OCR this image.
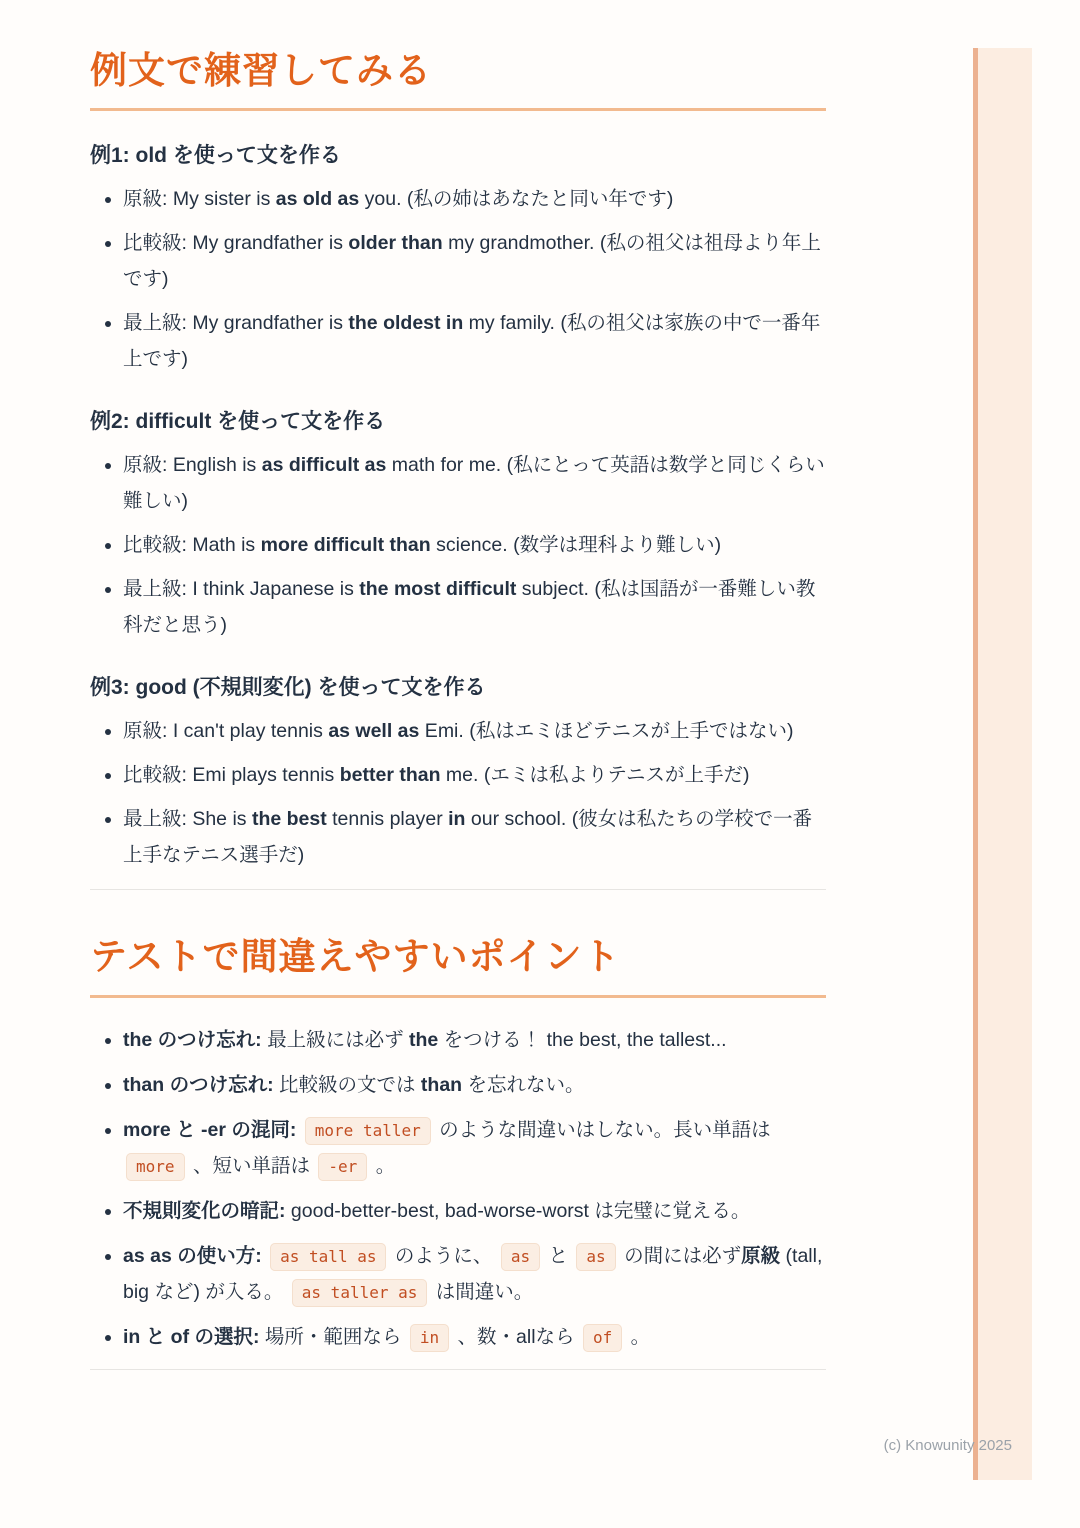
例文で練習してみる
例1: old を使って文を作る
• 原級: My sister is as old as you. (私の姉はあなたと同い年です)
• 比較級: My grandfather is older than my grandmother. (私の祖父は祖母より年上です)
• 最上級: My grandfather is the oldest in my family. (私の祖父は家族の中で一番年上です)
例2: difficult を使って文を作る
• 原級: English is as difficult as math for me. (私にとって英語は数学と同じくらい難しい)
• 比較級: Math is more difficult than science. (数学は理科より難しい)
• 最上級: I think Japanese is the most difficult subject. (私は国語が一番難しい教科だと思う)
例3: good (不規則変化) を使って文を作る
• 原級: I can't play tennis as well as Emi. (私はエミほどテニスが上手ではない)
• 比較級: Emi plays tennis better than me. (エミは私よりテニスが上手だ)
• 最上級: She is the best tennis player in our school. (彼女は私たちの学校で一番上手なテニス選手だ)
テストで間違えやすいポイント
• the のつけ忘れ: 最上級には必ず the をつける！ the best, the tallest...
• than のつけ忘れ: 比較級の文では than を忘れない。
• more と -er の混同: more taller のような間違いはしない。長い単語は more 、短い単語は -er 。
• 不規則変化の暗記: good-better-best, bad-worse-worst は完璧に覚える。
• as as の使い方: as tall as のように、 as と as の間には必ず原級 (tall, big など) が入る。 as taller as は間違い。
• in と of の選択: 場所・範囲なら in 、数・allなら of 。
(c) Knowunity 2025
